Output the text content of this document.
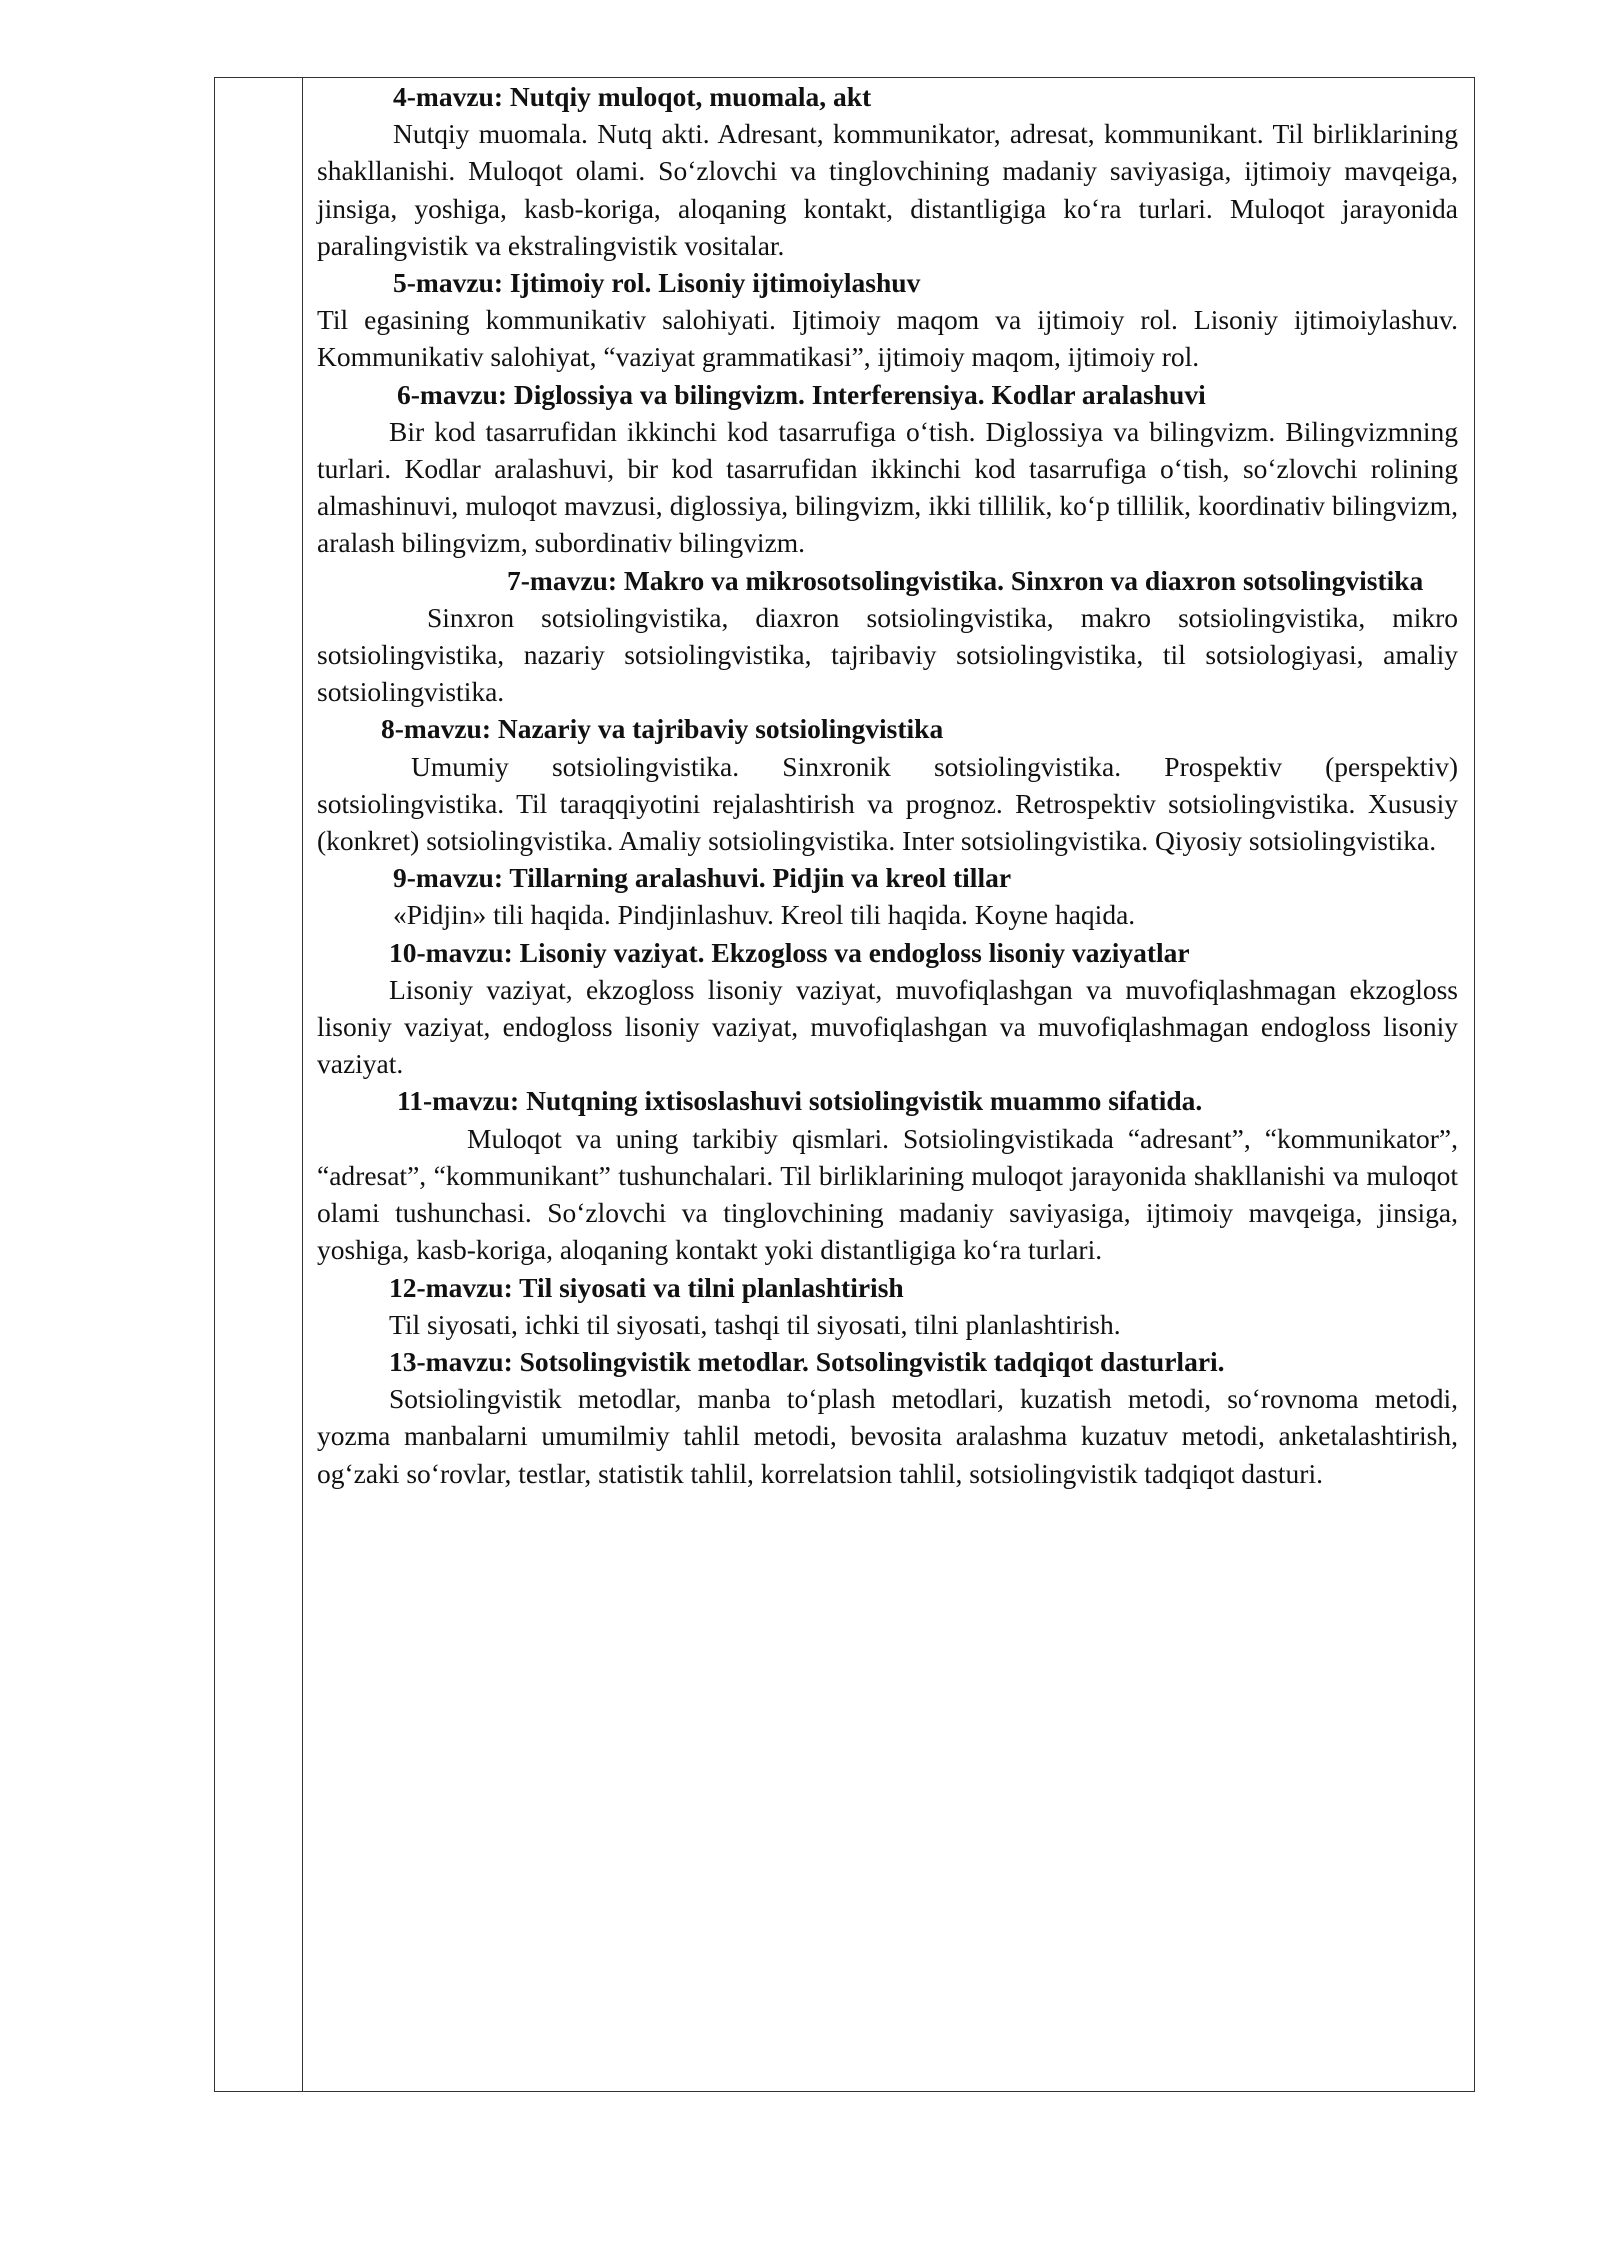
4-mavzu: Nutqiy muloqot, muomala, akt

Nutqiy muomala. Nutq akti. Adresant, kommunikator, adresat, kommunikant. Til birliklarining shakllanishi. Muloqot olami. So‘zlovchi va tinglovchining madaniy saviyasiga, ijtimoiy mavqeiga, jinsiga, yoshiga, kasb-koriga, aloqaning kontakt, distantligiga ko‘ra turlari. Muloqot jarayonida paralingvistik va ekstralingvistik vositalar.

5-mavzu: Ijtimoiy rol. Lisoniy ijtimoiylashuv

Til egasining kommunikativ salohiyati. Ijtimoiy maqom va ijtimoiy rol. Lisoniy ijtimoiylashuv. Kommunikativ salohiyat, “vaziyat grammatikasi”, ijtimoiy maqom, ijtimoiy rol.

6-mavzu: Diglossiya va bilingvizm. Interferensiya. Kodlar aralashuvi

Bir kod tasarrufidan ikkinchi kod tasarrufiga o‘tish. Diglossiya va bilingvizm. Bilingvizmning turlari. Kodlar aralashuvi, bir kod tasarrufidan ikkinchi kod tasarrufiga o‘tish, so‘zlovchi rolining almashinuvi, muloqot mavzusi, diglossiya, bilingvizm, ikki tillilik, ko‘p tillilik, koordinativ bilingvizm, aralash bilingvizm, subordinativ bilingvizm.

7-mavzu: Makro va mikrosotsolingvistika. Sinxron va diaxron sotsolingvistika

Sinxron sotsiolingvistika, diaxron sotsiolingvistika, makro sotsiolingvistika, mikro sotsiolingvistika, nazariy sotsiolingvistika, tajribaviy sotsiolingvistika, til sotsiologiyasi, amaliy sotsiolingvistika.

8-mavzu: Nazariy va tajribaviy sotsiolingvistika

Umumiy sotsiolingvistika. Sinxronik sotsiolingvistika. Prospektiv (perspektiv) sotsiolingvistika. Til taraqqiyotini rejalashtirish va prognoz. Retrospektiv sotsiolingvistika. Xususiy (konkret) sotsiolingvistika. Amaliy sotsiolingvistika. Inter sotsiolingvistika. Qiyosiy sotsiolingvistika.

9-mavzu: Tillarning aralashuvi. Pidjin va kreol tillar

«Pidjin» tili haqida. Pindjinlashuv. Kreol tili haqida. Koyne haqida.

10-mavzu: Lisoniy vaziyat. Ekzogloss va endogloss lisoniy vaziyatlar

Lisoniy vaziyat, ekzogloss lisoniy vaziyat, muvofiqlashgan va muvofiqlashmagan ekzogloss lisoniy vaziyat, endogloss lisoniy vaziyat, muvofiqlashgan va muvofiqlashmagan endogloss lisoniy vaziyat.

11-mavzu: Nutqning ixtisoslashuvi sotsiolingvistik muammo sifatida.

Muloqot va uning tarkibiy qismlari. Sotsiolingvistikada “adresant”, “kommunikator”, “adresat”, “kommunikant” tushunchalari. Til birliklarining muloqot jarayonida shakllanishi va muloqot olami tushunchasi. So‘zlovchi va tinglovchining madaniy saviyasiga, ijtimoiy mavqeiga, jinsiga, yoshiga, kasb-koriga, aloqaning kontakt yoki distantligiga ko‘ra turlari.

12-mavzu: Til siyosati va tilni planlashtirish

Til siyosati, ichki til siyosati, tashqi til siyosati, tilni planlashtirish.

13-mavzu: Sotsolingvistik metodlar. Sotsolingvistik tadqiqot dasturlari.

Sotsiolingvistik metodlar, manba to‘plash metodlari, kuzatish metodi, so‘rovnoma metodi, yozma manbalarni umumilmiy tahlil metodi, bevosita aralashma kuzatuv metodi, anketalashtirish, og‘zaki so‘rovlar, testlar, statistik tahlil, korrelatsion tahlil, sotsiolingvistik tadqiqot dasturi.
